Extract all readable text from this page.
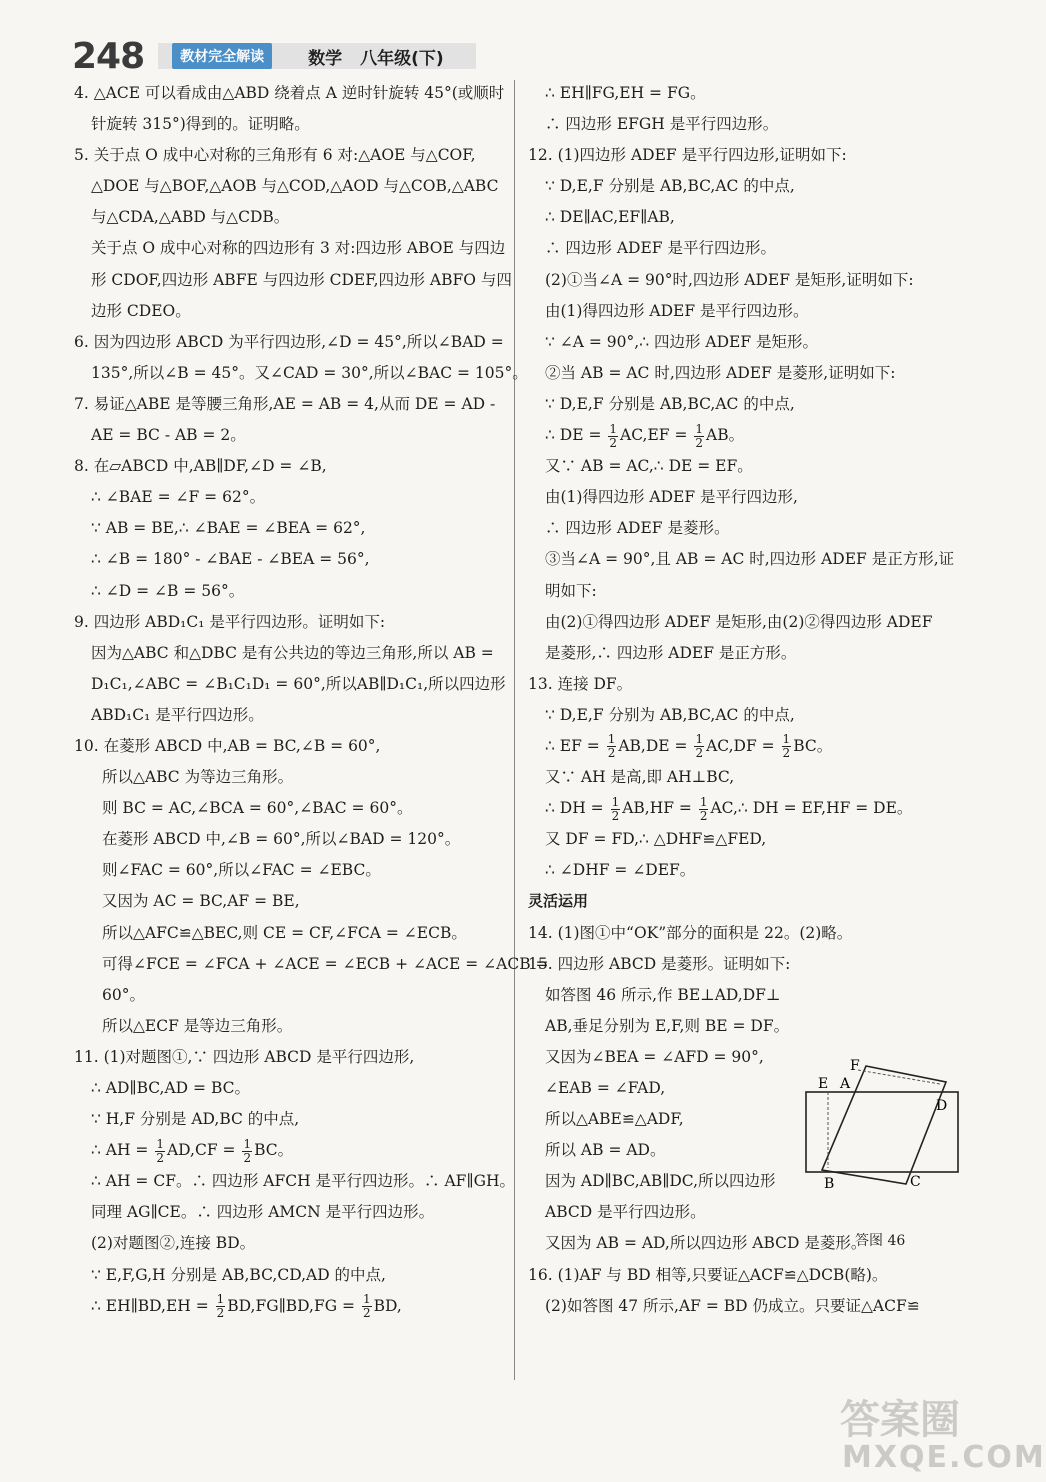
248	教材完全解读	数学 八年级(下)
4. △ACE 可以看成由△ABD 绕着点 A 逆时针旋转 45°(或顺时
针旋转 315°)得到的。证明略。
5. 关于点 O 成中心对称的三角形有 6 对:△AOE 与△COF,
△DOE 与△BOF,△AOB 与△COD,△AOD 与△COB,△ABC
与△CDA,△ABD 与△CDB。
关于点 O 成中心对称的四边形有 3 对:四边形 ABOE 与四边
形 CDOF,四边形 ABFE 与四边形 CDEF,四边形 ABFO 与四
边形 CDEO。
6. 因为四边形 ABCD 为平行四边形,∠D = 45°,所以∠BAD =
135°,所以∠B = 45°。又∠CAD = 30°,所以∠BAC = 105°。
7. 易证△ABE 是等腰三角形,AE = AB = 4,从而 DE = AD -
AE = BC - AB = 2。
8. 在▱ABCD 中,AB∥DF,∠D = ∠B,
∴ ∠BAE = ∠F = 62°。
∵ AB = BE,∴ ∠BAE = ∠BEA = 62°,
∴ ∠B = 180° - ∠BAE - ∠BEA = 56°,
∴ ∠D = ∠B = 56°。
9. 四边形 ABD₁C₁ 是平行四边形。证明如下:
因为△ABC 和△DBC 是有公共边的等边三角形,所以 AB =
D₁C₁,∠ABC = ∠B₁C₁D₁ = 60°,所以AB∥D₁C₁,所以四边形
ABD₁C₁ 是平行四边形。
10. 在菱形 ABCD 中,AB = BC,∠B = 60°,
所以△ABC 为等边三角形。
则 BC = AC,∠BCA = 60°,∠BAC = 60°。
在菱形 ABCD 中,∠B = 60°,所以∠BAD = 120°。
则∠FAC = 60°,所以∠FAC = ∠EBC。
又因为 AC = BC,AF = BE,
所以△AFC≌△BEC,则 CE = CF,∠FCA = ∠ECB。
可得∠FCE = ∠FCA + ∠ACE = ∠ECB + ∠ACE = ∠ACB =
60°。
所以△ECF 是等边三角形。
11. (1)对题图①,∵ 四边形 ABCD 是平行四边形,
∴ AD∥BC,AD = BC。
∵ H,F 分别是 AD,BC 的中点,
∴ AH = $\frac{1}{2} AD,CF = \frac{1}{2}$ BC。
∴ AH = CF。∴ 四边形 AFCH 是平行四边形。∴ AF∥GH。
同理 AG∥CE。∴ 四边形 AMCN 是平行四边形。
(2)对题图②,连接 BD。
∵ E,F,G,H 分别是 AB,BC,CD,AD 的中点,
∴ EH∥BD,EH = $\frac{1}{2}$ BD,FG∥BD,FG = $\frac{1}{2}$ BD,
∴ EH∥FG,EH = FG。
∴ 四边形 EFGH 是平行四边形。
12. (1)四边形 ADEF 是平行四边形,证明如下:
∵ D,E,F 分别是 AB,BC,AC 的中点,
∴ DE∥AC,EF∥AB,
∴ 四边形 ADEF 是平行四边形。
(2)①当∠A = 90°时,四边形 ADEF 是矩形,证明如下:
由(1)得四边形 ADEF 是平行四边形。
∵ ∠A = 90°,∴ 四边形 ADEF 是矩形。
②当 AB = AC 时,四边形 ADEF 是菱形,证明如下:
∵ D,E,F 分别是 AB,BC,AC 的中点,
∴ DE = $\frac{1}{2} AC,EF = \frac{1}{2}$ AB。
又∵ AB = AC,∴ DE = EF。
由(1)得四边形 ADEF 是平行四边形,
∴ 四边形 ADEF 是菱形。
③当∠A = 90°,且 AB = AC 时,四边形 ADEF 是正方形,证
明如下:
由(2)①得四边形 ADEF 是矩形,由(2)②得四边形 ADEF
是菱形,∴ 四边形 ADEF 是正方形。
13. 连接 DF。
∵ D,E,F 分别为 AB,BC,AC 的中点,
∴ EF = $\frac{1}{2} AB,DE = \frac{1}{2} AC,DF = \frac{1}{2}$ BC。
又∵ AH 是高,即 AH⊥BC,
∴ DH = $\frac{1}{2} AB,HF = \frac{1}{2}$ AC,∴ DH = EF,HF = DE。
又 DF = FD,∴ △DHF≌△FED,
∴ ∠DHF = ∠DEF。
灵活运用
14. (1)图①中“OK”部分的面积是 22。(2)略。
15. 四边形 ABCD 是菱形。证明如下:
如答图 46 所示,作 BE⊥AD,DF⊥
AB,垂足分别为 E,F,则 BE = DF。
又因为∠BEA = ∠AFD = 90°,
∠EAB = ∠FAD,
所以△ABE≌△ADF,
所以 AB = AD。
因为 AD∥BC,AB∥DC,所以四边形
ABCD 是平行四边形。
又因为 AB = AD,所以四边形 ABCD 是菱形。
16. (1)AF 与 BD 相等,只要证△ACF≌△DCB(略)。
(2)如答图 47 所示,AF = BD 仍成立。只要证△ACF≌
F
E A
D
B	C
答图 46
答案圈
MXQE.COM
